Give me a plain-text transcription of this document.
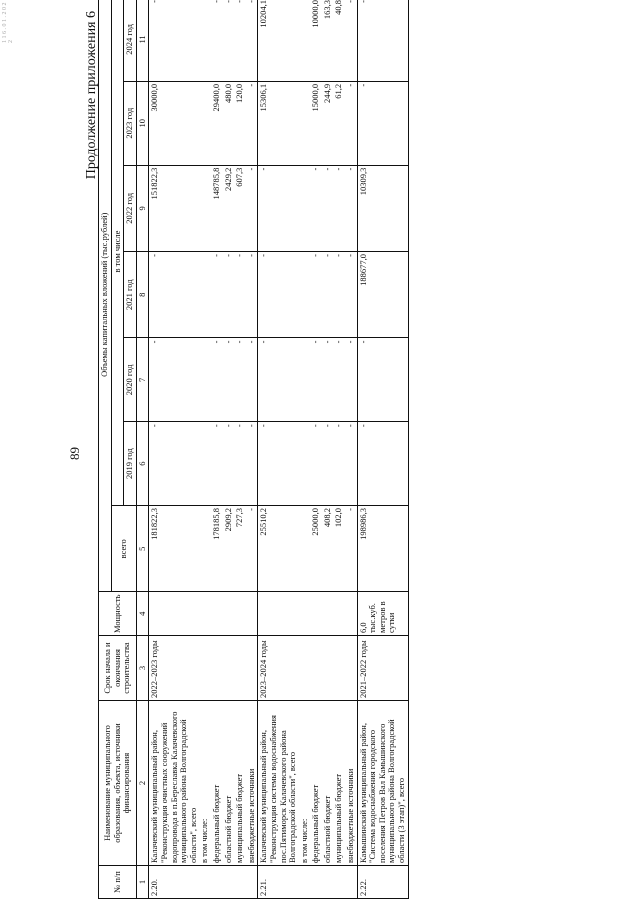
1 1 6 . 0 1 . 2 0 2 2
89
Продолжение приложения 6
№ п/п	Наименование муниципального образования, объекта, источники финансирования	Срок начала и окончания строительства	Мощность	Объемы капитальных вложений (тыс.рублей)						
				всего	в том числе					
					2019 год	2020 год	2021 год	2022 год	2023 год	2024 год
1	2	3	4	5	6	7	8	9	10	11
2.20.	Калачевский муниципальный район, "Реконструкция очистных сооружений водопровода в п.Береславка Калачевского муниципального района Волгоградской области", всего	2022–2023 годы		181822,3	-	-	-	151822,3	30000,0	-
	в том числе:									
	федеральный бюджет			178185,8	-	-	-	148785,8	29400,0	-
	областной бюджет			2909,2	-	-	-	2429,2	480,0	-
	муниципальный бюджет			727,3	-	-	-	607,3	120,0	-
	внебюджетные источники			-	-	-	-	-	-	-
2.21.	Калачевский муниципальный район, "Реконструкция системы водоснабжения пос.Пятиморск Калачевского района Волгоградской области", всего	2023–2024 годы		25510,2	-	-	-	-	15306,1	10204,1
	в том числе:									
	федеральный бюджет			25000,0	-	-	-	-	15000,0	10000,0
	областной бюджет			408,2	-	-	-	-	244,9	163,3
	муниципальный бюджет			102,0	-	-	-	-	61,2	40,8
	внебюджетные источники			-	-	-	-	-	-	-
2.22.	Камышинский муниципальный район, "Система водоснабжения городского поселения Петров Вал Камышинского муниципального района Волгоградской области (3 этап)", всего	2021–2022 годы	6,0 тыс.куб. метров в сутки	198986,3	-	-	188677,0	10309,3	-	-
